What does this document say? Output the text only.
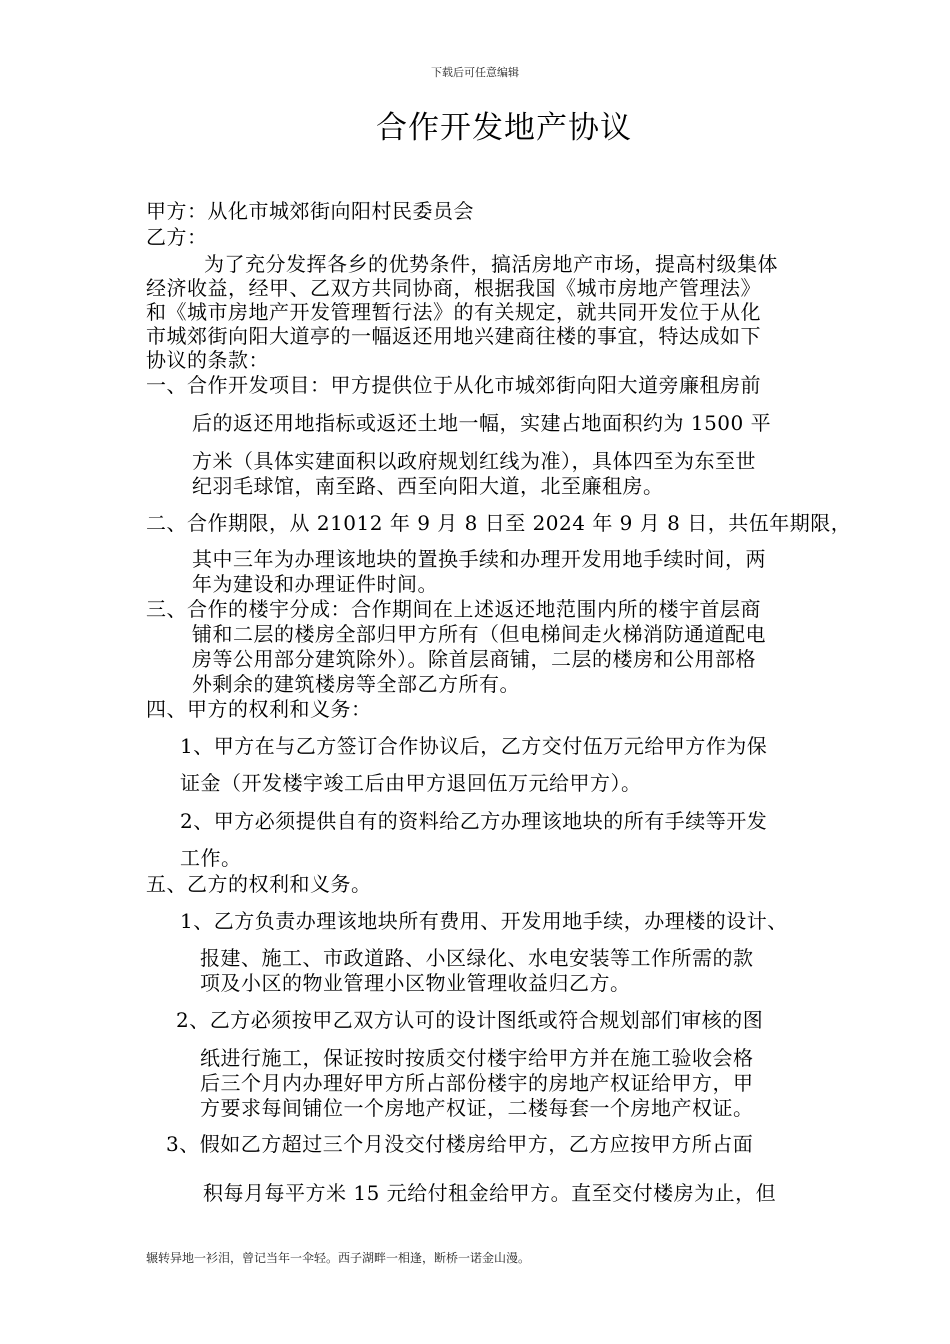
下载后可任意编辑
合作开发地产协议
甲方：从化市城郊街向阳村民委员会
乙方：
为了充分发挥各乡的优势条件，搞活房地产市场，提高村级集体
经济收益，经甲、乙双方共同协商，根据我国《城市房地产管理法》
和《城市房地产开发管理暂行法》的有关规定，就共同开发位于从化
市城郊街向阳大道亭的一幅返还用地兴建商往楼的事宜，特达成如下
协议的条款：
一、合作开发项目：甲方提供位于从化市城郊街向阳大道旁廉租房前
后的返还用地指标或返还土地一幅，实建占地面积约为 1500 平
方米（具体实建面积以政府规划红线为准），具体四至为东至世
纪羽毛球馆，南至路、西至向阳大道，北至廉租房。
二、合作期限，从 21012 年 9 月 8 日至 2024 年 9 月 8 日，共伍年期限，
其中三年为办理该地块的置换手续和办理开发用地手续时间，两
年为建设和办理证件时间。
三、合作的楼宇分成：合作期间在上述返还地范围内所的楼宇首层商
铺和二层的楼房全部归甲方所有（但电梯间走火梯消防通道配电
房等公用部分建筑除外）。除首层商铺，二层的楼房和公用部格
外剩余的建筑楼房等全部乙方所有。
四、甲方的权利和义务：
1、甲方在与乙方签订合作协议后，乙方交付伍万元给甲方作为保
证金（开发楼宇竣工后由甲方退回伍万元给甲方）。
2、甲方必须提供自有的资料给乙方办理该地块的所有手续等开发
工作。
五、乙方的权利和义务。
1、乙方负责办理该地块所有费用、开发用地手续，办理楼的设计、
报建、施工、市政道路、小区绿化、水电安装等工作所需的款
项及小区的物业管理小区物业管理收益归乙方。
2、乙方必须按甲乙双方认可的设计图纸或符合规划部们审核的图
纸进行施工，保证按时按质交付楼宇给甲方并在施工验收会格
后三个月内办理好甲方所占部份楼宇的房地产权证给甲方，甲
方要求每间铺位一个房地产权证，二楼每套一个房地产权证。
3、假如乙方超过三个月没交付楼房给甲方，乙方应按甲方所占面
积每月每平方米 15 元给付租金给甲方。直至交付楼房为止，但
辗转异地一衫泪，曾记当年一伞轻。西子湖畔一相逢，断桥一诺金山漫。
